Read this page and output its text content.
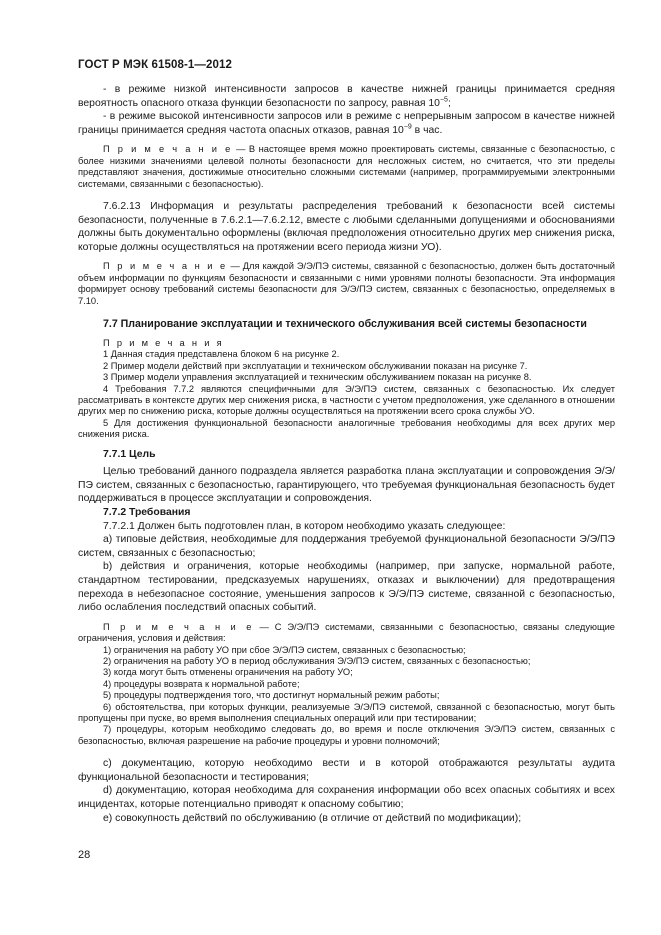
ГОСТ Р МЭК 61508-1—2012

- в режиме низкой интенсивности запросов в качестве нижней границы принимается средняя вероятность опасного отказа функции безопасности по запросу, равная $10^{-5}$;

- в режиме высокой интенсивности запросов или в режиме с непрерывным запросом в качестве нижней границы принимается средняя частота опасных отказов, равная $10^{-9}$ в час.

П р и м е ч а н и е — В настоящее время можно проектировать системы, связанные с безопасностью, с более низкими значениями целевой полноты безопасности для несложных систем, но считается, что эти пределы представляют значения, достижимые относительно сложными системами (например, программируемыми электронными системами, связанными с безопасностью).

7.6.2.13 Информация и результаты распределения требований к безопасности всей системы безопасности, полученные в 7.6.2.1—7.6.2.12, вместе с любыми сделанными допущениями и обоснованиями должны быть документально оформлены (включая предположения относительно других мер снижения риска, которые должны осуществляться на протяжении всего периода жизни УО).

П р и м е ч а н и е — Для каждой Э/Э/ПЭ системы, связанной с безопасностью, должен быть достаточный объем информации по функциям безопасности и связанными с ними уровнями полноты безопасности. Эта информация формирует основу требований системы безопасности для Э/Э/ПЭ систем, связанных с безопасностью, определяемых в 7.10.

7.7 Планирование эксплуатации и технического обслуживания всей системы безопасности

П р и м е ч а н и я

1 Данная стадия представлена блоком 6 на рисунке 2.

2 Пример модели действий при эксплуатации и техническом обслуживании показан на рисунке 7.

3 Пример модели управления эксплуатацией и техническим обслуживанием показан на рисунке 8.

4 Требования 7.7.2 являются специфичными для Э/Э/ПЭ систем, связанных с безопасностью. Их следует рассматривать в контексте других мер снижения риска, в частности с учетом предположения, уже сделанного в отношении других мер по снижению риска, которые должны осуществляться на протяжении всего срока службы УО.

5 Для достижения функциональной безопасности аналогичные требования необходимы для всех других мер снижения риска.

7.7.1 Цель

Целью требований данного подраздела является разработка плана эксплуатации и сопровождения Э/Э/ПЭ систем, связанных с безопасностью, гарантирующего, что требуемая функциональная безопасность будет поддерживаться в процессе эксплуатации и сопровождения.

7.7.2 Требования

7.7.2.1 Должен быть подготовлен план, в котором необходимо указать следующее:

a) типовые действия, необходимые для поддержания требуемой функциональной безопасности Э/Э/ПЭ систем, связанных с безопасностью;

b) действия и ограничения, которые необходимы (например, при запуске, нормальной работе, стандартном тестировании, предсказуемых нарушениях, отказах и выключении) для предотвращения перехода в небезопасное состояние, уменьшения запросов к Э/Э/ПЭ системе, связанной с безопасностью, либо ослабления последствий опасных событий.

П р и м е ч а н и е — С Э/Э/ПЭ системами, связанными с безопасностью, связаны следующие ограничения, условия и действия:

1) ограничения на работу УО при сбое Э/Э/ПЭ систем, связанных с безопасностью;

2) ограничения на работу УО в период обслуживания Э/Э/ПЭ систем, связанных с безопасностью;

3) когда могут быть отменены ограничения на работу УО;

4) процедуры возврата к нормальной работе;

5) процедуры подтверждения того, что достигнут нормальный режим работы;

6) обстоятельства, при которых функции, реализуемые Э/Э/ПЭ системой, связанной с безопасностью, могут быть пропущены при пуске, во время выполнения специальных операций или при тестировании;

7) процедуры, которым необходимо следовать до, во время и после отключения Э/Э/ПЭ систем, связанных с безопасностью, включая разрешение на рабочие процедуры и уровни полномочий;

c) документацию, которую необходимо вести и в которой отображаются результаты аудита функциональной безопасности и тестирования;

d) документацию, которая необходима для сохранения информации обо всех опасных событиях и всех инцидентах, которые потенциально приводят к опасному событию;

e) совокупность действий по обслуживанию (в отличие от действий по модификации);

28
